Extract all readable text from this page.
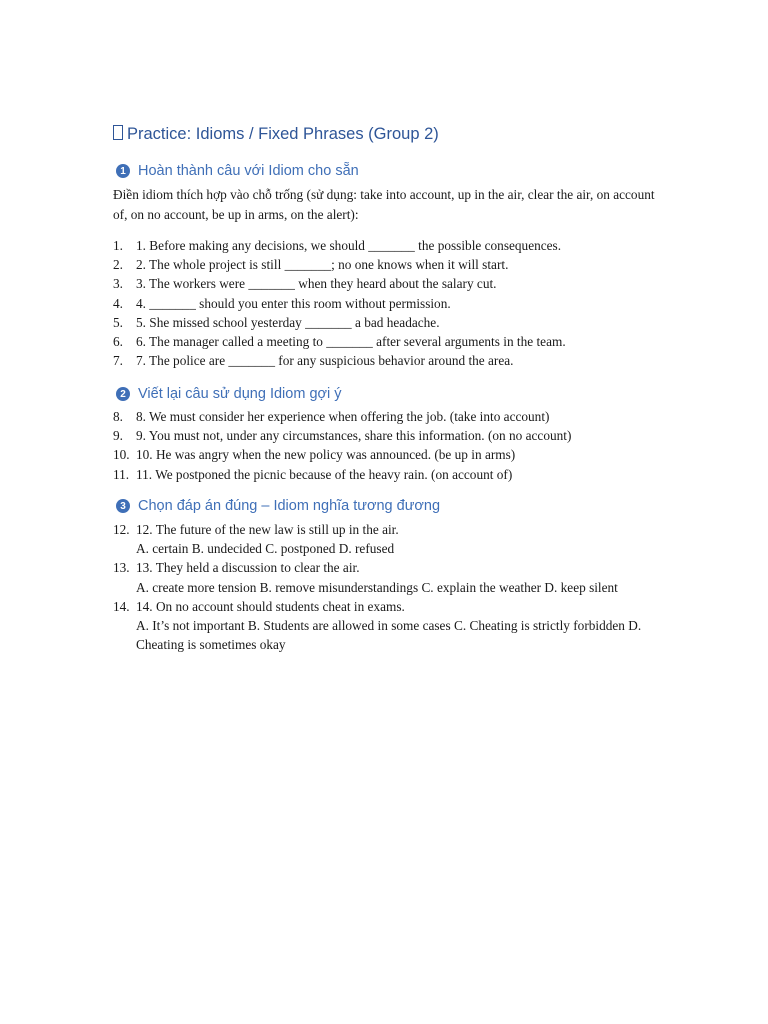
Practice: Idioms / Fixed Phrases (Group 2)
1 Hoàn thành câu với Idiom cho sẵn
Điền idiom thích hợp vào chỗ trống (sử dụng: take into account, up in the air, clear the air, on account of, on no account, be up in arms, on the alert):
1. 1. Before making any decisions, we should _______ the possible consequences.
2. 2. The whole project is still _______; no one knows when it will start.
3. 3. The workers were _______ when they heard about the salary cut.
4. 4. _______ should you enter this room without permission.
5. 5. She missed school yesterday _______ a bad headache.
6. 6. The manager called a meeting to _______ after several arguments in the team.
7. 7. The police are _______ for any suspicious behavior around the area.
2 Viết lại câu sử dụng Idiom gợi ý
8. 8. We must consider her experience when offering the job. (take into account)
9. 9. You must not, under any circumstances, share this information. (on no account)
10. 10. He was angry when the new policy was announced. (be up in arms)
11. 11. We postponed the picnic because of the heavy rain. (on account of)
3 Chọn đáp án đúng – Idiom nghĩa tương đương
12. 12. The future of the new law is still up in the air.
A. certain B. undecided C. postponed D. refused
13. 13. They held a discussion to clear the air.
A. create more tension B. remove misunderstandings C. explain the weather D. keep silent
14. 14. On no account should students cheat in exams.
A. It’s not important B. Students are allowed in some cases C. Cheating is strictly forbidden D. Cheating is sometimes okay
